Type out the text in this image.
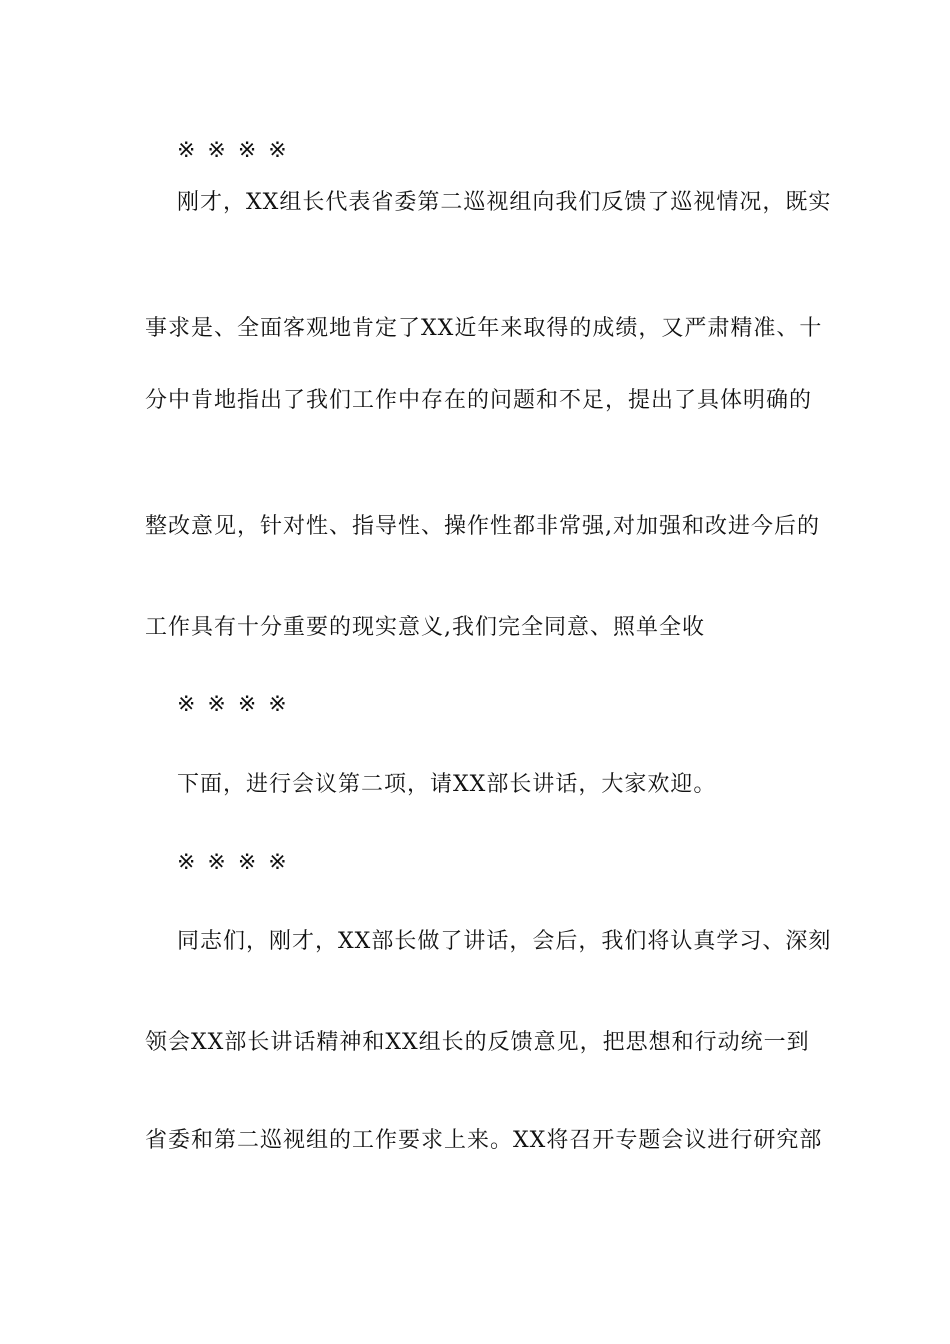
※※※※
刚才，XX组长代表省委第二巡视组向我们反馈了巡视情况，既实
事求是、全面客观地肯定了XX近年来取得的成绩，又严肃精准、十
分中肯地指出了我们工作中存在的问题和不足，提出了具体明确的
整改意见，针对性、指导性、操作性都非常强,对加强和改进今后的
工作具有十分重要的现实意义,我们完全同意、照单全收
※※※※
下面，进行会议第二项，请XX部长讲话，大家欢迎。
※※※※
同志们，刚才，XX部长做了讲话，会后，我们将认真学习、深刻
领会XX部长讲话精神和XX组长的反馈意见，把思想和行动统一到
省委和第二巡视组的工作要求上来。XX将召开专题会议进行研究部
